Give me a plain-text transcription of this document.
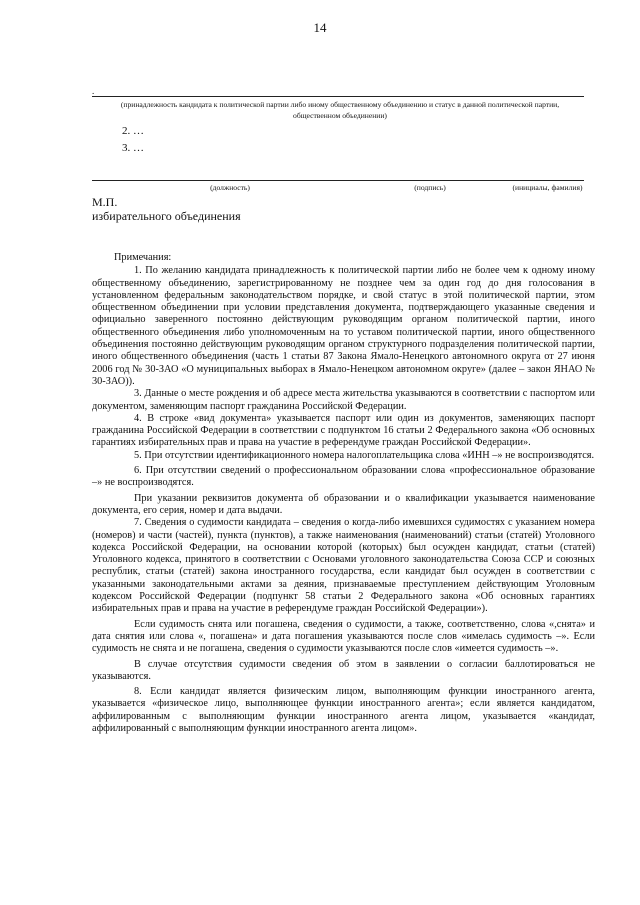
14
.
(принадлежность кандидата к политической партии либо иному общественному объединению и статус в данной политической партии, общественном объединении)
2. …
3. …
(должность)	(подпись)	(инициалы, фамилия)
М.П.
избирательного объединения

Примечания:

1. По желанию кандидата принадлежность к политической партии либо не более чем к одному иному общественному объединению, зарегистрированному не позднее чем за один год до дня голосования в установленном федеральным законодательством порядке, и свой статус в этой политической партии, этом общественном объединении при условии представления документа, подтверждающего указанные сведения и официально заверенного постоянно действующим руководящим органом политической партии, иного общественного объединения либо уполномоченным на то уставом политической партии, иного общественного объединения постоянно действующим руководящим органом структурного подразделения политической партии, иного общественного объединения (часть 1 статьи 87 Закона Ямало-Ненецкого автономного округа от 27 июня 2006 год № 30-ЗАО «О муниципальных выборах в Ямало-Ненецком автономном округе» (далее – закон ЯНАО № 30-ЗАО)).

3. Данные о месте рождения и об адресе места жительства указываются в соответствии с паспортом или документом, заменяющим паспорт гражданина Российской Федерации.

4. В строке «вид документа» указывается паспорт или один из документов, заменяющих паспорт гражданина Российской Федерации в соответствии с подпунктом 16 статьи 2 Федерального закона «Об основных гарантиях избирательных прав и права на участие в референдуме граждан Российской Федерации».

5. При отсутствии идентификационного номера налогоплательщика слова «ИНН –» не воспроизводятся.

6. При отсутствии сведений о профессиональном образовании слова «профессиональное образование –» не воспроизводятся.

При указании реквизитов документа об образовании и о квалификации указывается наименование документа, его серия, номер и дата выдачи.

7. Сведения о судимости кандидата – сведения о когда-либо имевшихся судимостях с указанием номера (номеров) и части (частей), пункта (пунктов), а также наименования (наименований) статьи (статей) Уголовного кодекса Российской Федерации, на основании которой (которых) был осужден кандидат, статьи (статей) Уголовного кодекса, принятого в соответствии с Основами уголовного законодательства Союза ССР и союзных республик, статьи (статей) закона иностранного государства, если кандидат был осужден в соответствии с указанными законодательными актами за деяния, признаваемые преступлением действующим Уголовным кодексом Российской Федерации (подпункт 58 статьи 2 Федерального закона «Об основных гарантиях избирательных прав и права на участие в референдуме граждан Российской Федерации»).

Если судимость снята или погашена, сведения о судимости, а также, соответственно, слова «,снята» и дата снятия или слова «, погашена» и дата погашения указываются после слов «имелась судимость –». Если судимость не снята и не погашена, сведения о судимости указываются после слов «имеется судимость –».

В случае отсутствия судимости сведения об этом в заявлении о согласии баллотироваться не указываются.

8. Если кандидат является физическим лицом, выполняющим функции иностранного агента, указывается «физическое лицо, выполняющее функции иностранного агента»; если является кандидатом, аффилированным с выполняющим функции иностранного агента лицом, указывается «кандидат, аффилированный с выполняющим функции иностранного агента лицом».
